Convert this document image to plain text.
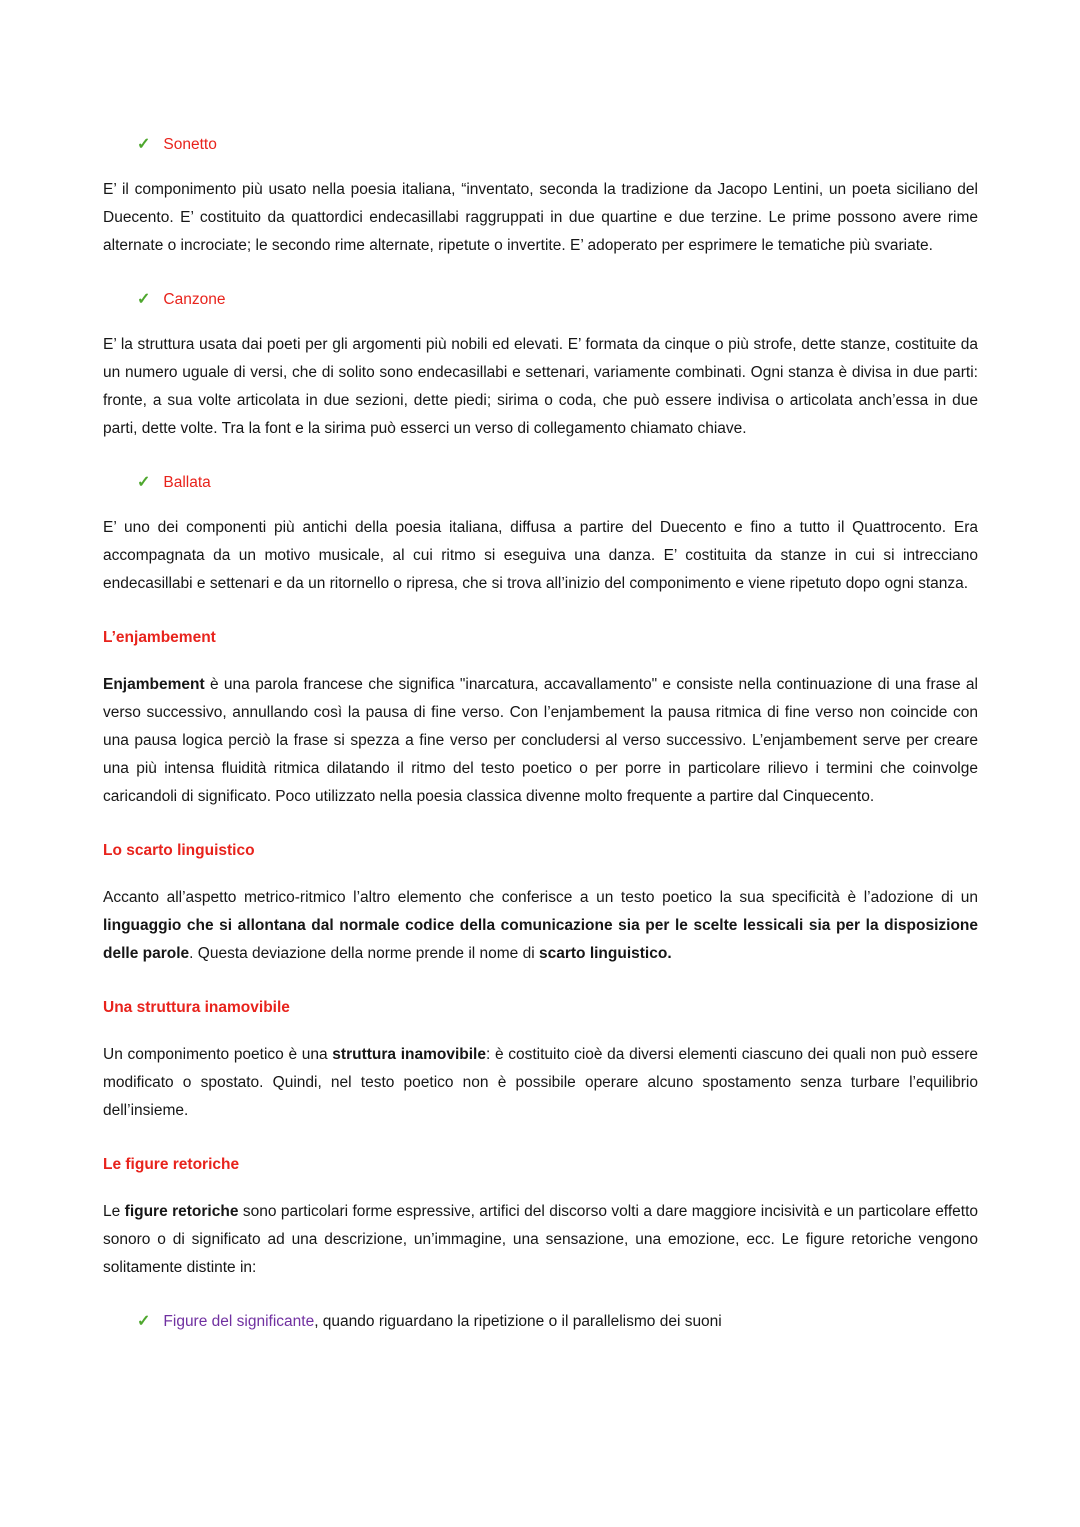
✓ Sonetto

E’ il componimento più usato nella poesia italiana, “inventato, seconda la tradizione da Jacopo Lentini, un poeta siciliano del Duecento. E’ costituito da quattordici endecasillabi raggruppati in due quartine e due terzine. Le prime possono avere rime alternate o incrociate; le secondo rime alternate, ripetute o invertite. E’ adoperato per esprimere le tematiche più svariate.

✓ Canzone

E’ la struttura usata dai poeti per gli argomenti più nobili ed elevati. E’ formata da cinque o più strofe, dette stanze, costituite da un numero uguale di versi, che di solito sono endecasillabi e settenari, variamente combinati. Ogni stanza è divisa in due parti: fronte, a sua volte articolata in due sezioni, dette piedi; sirima o coda, che può essere indivisa o articolata anch’essa in due parti, dette volte. Tra la font e la sirima può esserci un verso di collegamento chiamato chiave.

✓ Ballata

E’ uno dei componenti più antichi della poesia italiana, diffusa a partire del Duecento e fino a tutto il Quattrocento. Era accompagnata da un motivo musicale, al cui ritmo si eseguiva una danza. E’ costituita da stanze in cui si intrecciano endecasillabi e settenari e da un ritornello o ripresa, che si trova all’inizio del componimento e viene ripetuto dopo ogni stanza.

L’enjambement

Enjambement è una parola francese che significa "inarcatura, accavallamento" e consiste nella continuazione di una frase al verso successivo, annullando così la pausa di fine verso. Con l’enjambement la pausa ritmica di fine verso non coincide con una pausa logica perciò la frase si spezza a fine verso per concludersi al verso successivo. L’enjambement serve per creare una più intensa fluidità ritmica dilatando il ritmo del testo poetico o per porre in particolare rilievo i termini che coinvolge caricandoli di significato. Poco utilizzato nella poesia classica divenne molto frequente a partire dal Cinquecento.

Lo scarto linguistico

Accanto all’aspetto metrico-ritmico l’altro elemento che conferisce a un testo poetico la sua specificità è l’adozione di un linguaggio che si allontana dal normale codice della comunicazione sia per le scelte lessicali sia per la disposizione delle parole. Questa deviazione della norme prende il nome di scarto linguistico.

Una struttura inamovibile

Un componimento poetico è una struttura inamovibile: è costituito cioè da diversi elementi ciascuno dei quali non può essere modificato o spostato. Quindi, nel testo poetico non è possibile operare alcuno spostamento senza turbare l’equilibrio dell’insieme.

Le figure retoriche

Le figure retoriche sono particolari forme espressive, artifici del discorso volti a dare maggiore incisività e un particolare effetto sonoro o di significato ad una descrizione, un’immagine, una sensazione, una emozione, ecc. Le figure retoriche vengono solitamente distinte in:

✓ Figure del significante, quando riguardano la ripetizione o il parallelismo dei suoni
